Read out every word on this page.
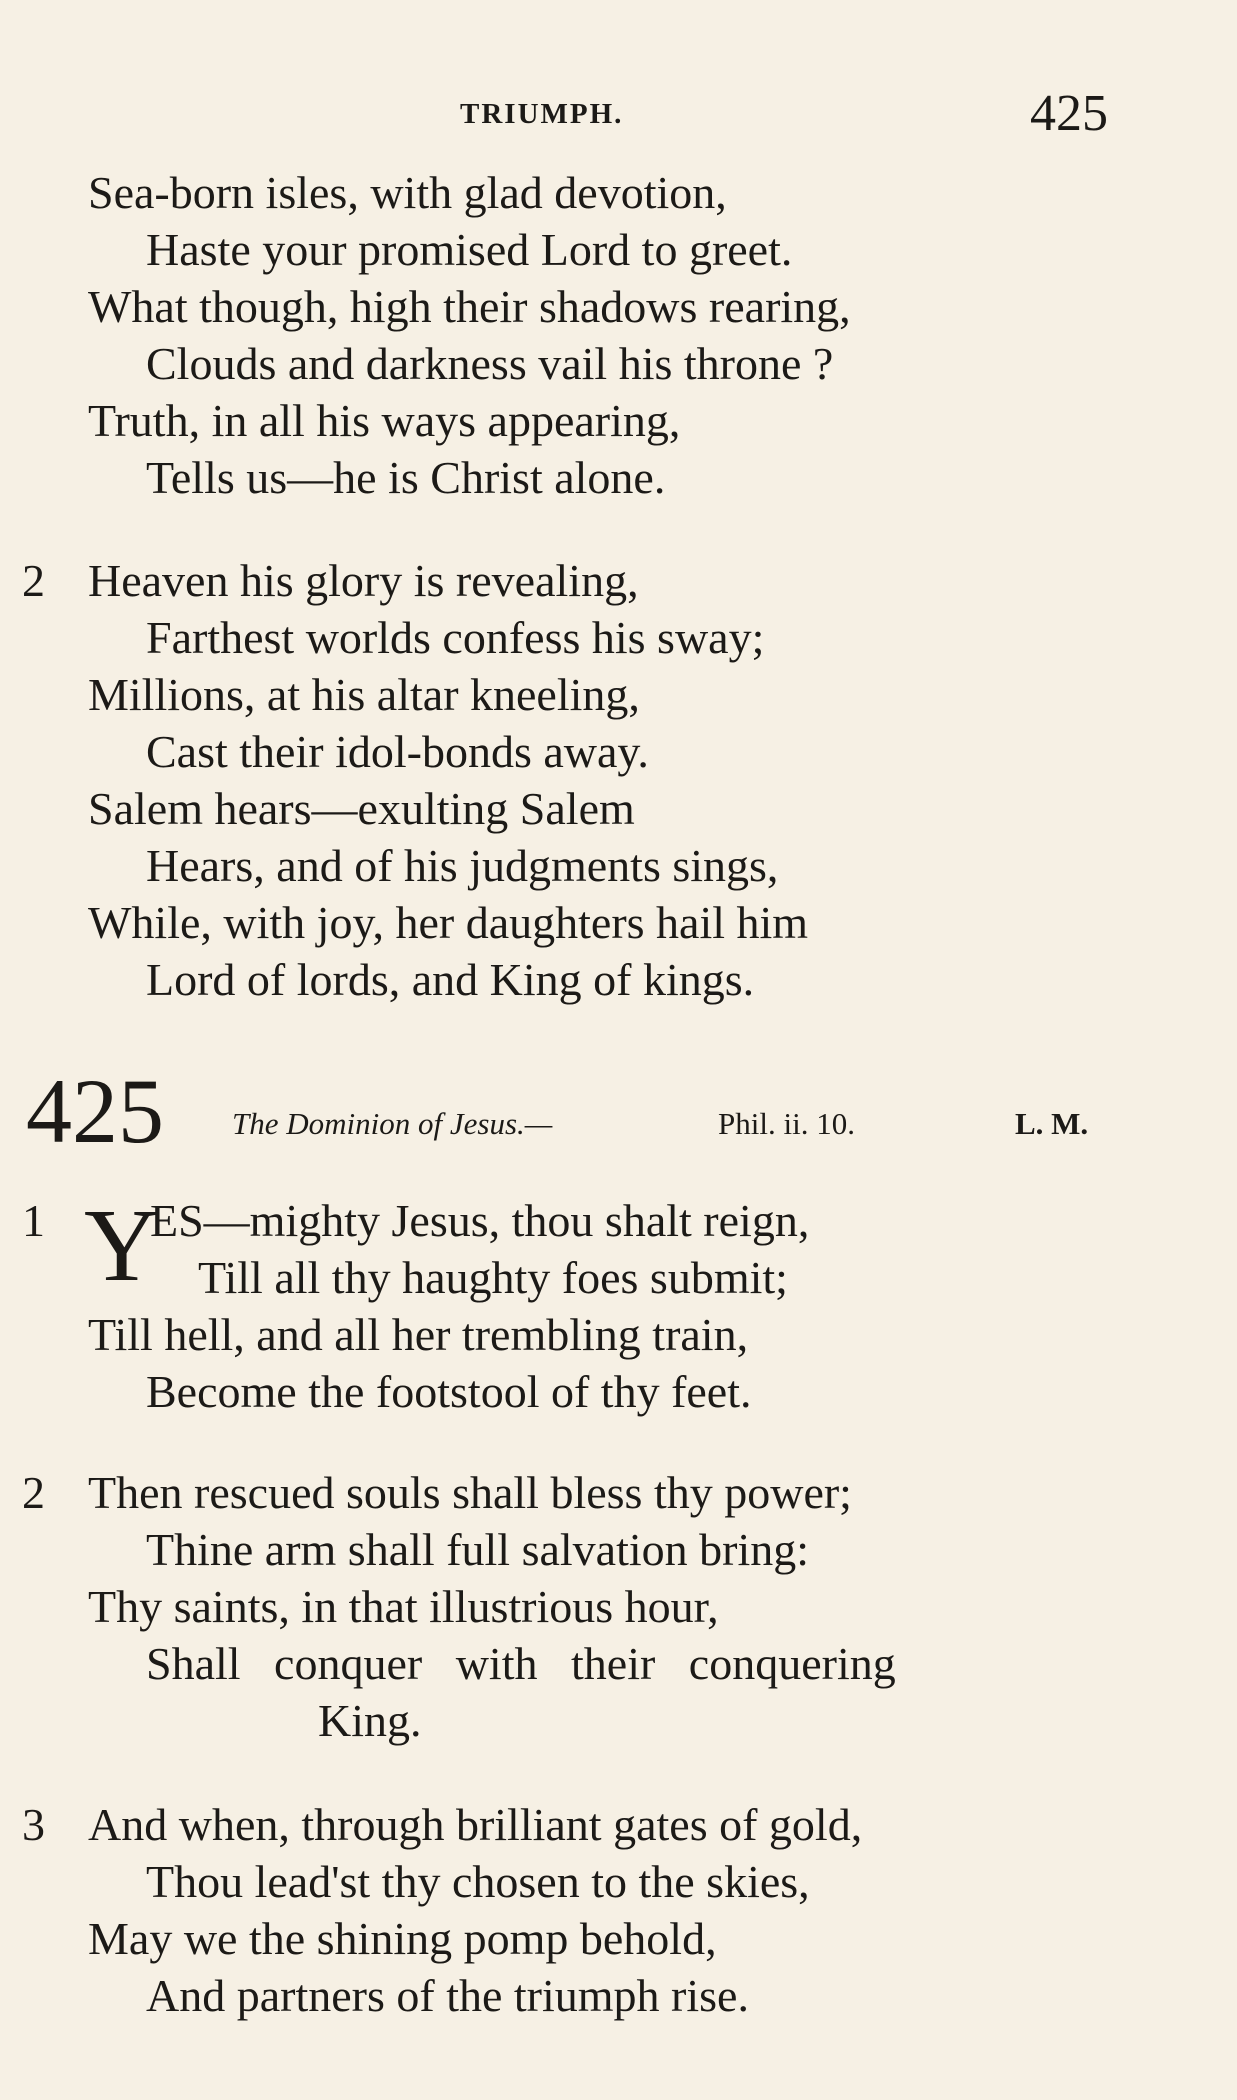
TRIUMPH.	425
Sea-born isles, with glad devotion,
Haste your promised Lord to greet.
What though, high their shadows rearing,
Clouds and darkness vail his throne ?
Truth, in all his ways appearing,
Tells us—he is Christ alone.
2 Heaven his glory is revealing,
Farthest worlds confess his sway;
Millions, at his altar kneeling,
Cast their idol-bonds away.
Salem hears—exulting Salem
Hears, and of his judgments sings,
While, with joy, her daughters hail him
Lord of lords, and King of kings.
425 The Dominion of Jesus.—	Phil. ii. 10.	L. M.
1 Y
ES—mighty Jesus, thou shalt reign,
Till all thy haughty foes submit;
Till hell, and all her trembling train,
Become the footstool of thy feet.
2 Then rescued souls shall bless thy power;
Thine arm shall full salvation bring:
Thy saints, in that illustrious hour,
Shall conquer with their conquering
King.
3 And when, through brilliant gates of gold,
Thou lead'st thy chosen to the skies,
May we the shining pomp behold,
And partners of the triumph rise.
